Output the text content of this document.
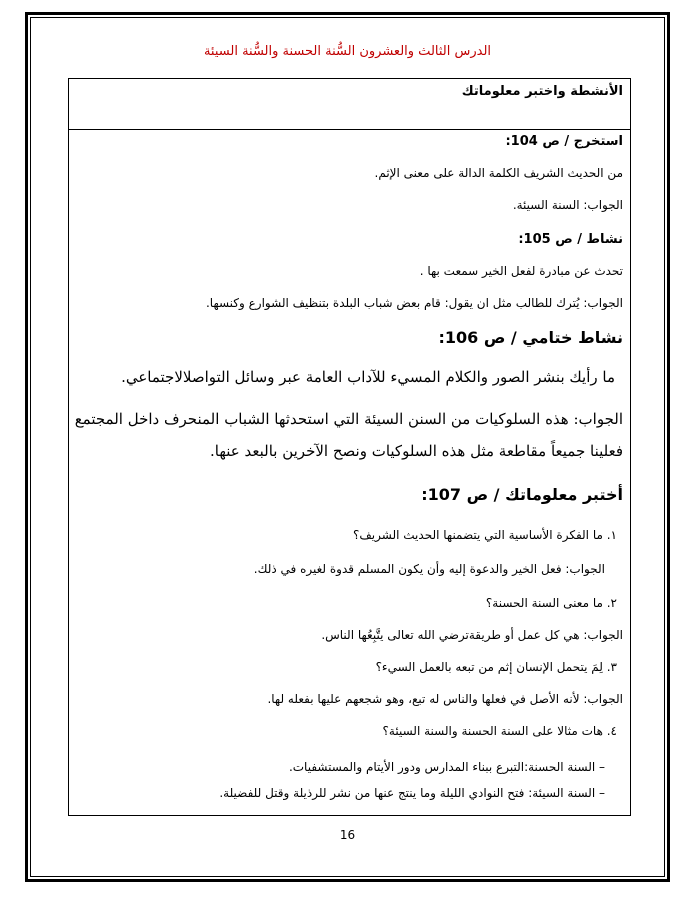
الدرس الثالث والعشرون السُّنة الحسنة والسُّنة السيئة
الأنشطة واختبر معلوماتك
استخرج / ص 104:
من الحديث الشريف الكلمة الدالة على معنى الإثم.
الجواب: السنة السيئة.
نشاط / ص 105:
تحدث عن مبادرة لفعل الخير سمعت بها .
الجواب: يُترك للطالب مثل ان يقول: قام بعض شباب البلدة بتنظيف الشوارع وكنسها.
نشاط ختامي / ص 106:
ما رأيك بنشر الصور والكلام المسيء للآداب العامة عبر وسائل التواصلالاجتماعي.
الجواب: هذه السلوكيات من السنن السيئة التي استحدثها الشباب المنحرف داخل المجتمع
فعلينا جميعاً مقاطعة مثل هذه السلوكيات ونصح الآخرين بالبعد عنها.
أختبر معلوماتك / ص 107:
١. ما الفكرة الأساسية التي يتضمنها الحديث الشريف؟
الجواب: فعل الخير والدعوة إليه وأن يكون المسلم قدوة لغيره في ذلك.
٢. ما معنى السنة الحسنة؟
الجواب: هي كل عمل أو طريقةترضي الله تعالى يتَّبِعُها الناس.
٣. لِمَ يتحمل الإنسان إثم من تبعه بالعمل السيء؟
الجواب: لأنه الأصل في فعلها والناس له تبع، وهو شجعهم عليها بفعله لها.
٤. هات مثالا على السنة الحسنة والسنة السيئة؟
– السنة الحسنة:التبرع ببناء المدارس ودور الأيتام والمستشفيات.
– السنة السيئة: فتح النوادي الليلة وما ينتج عنها من نشر للرذيلة وقتل للفضيلة.
16
